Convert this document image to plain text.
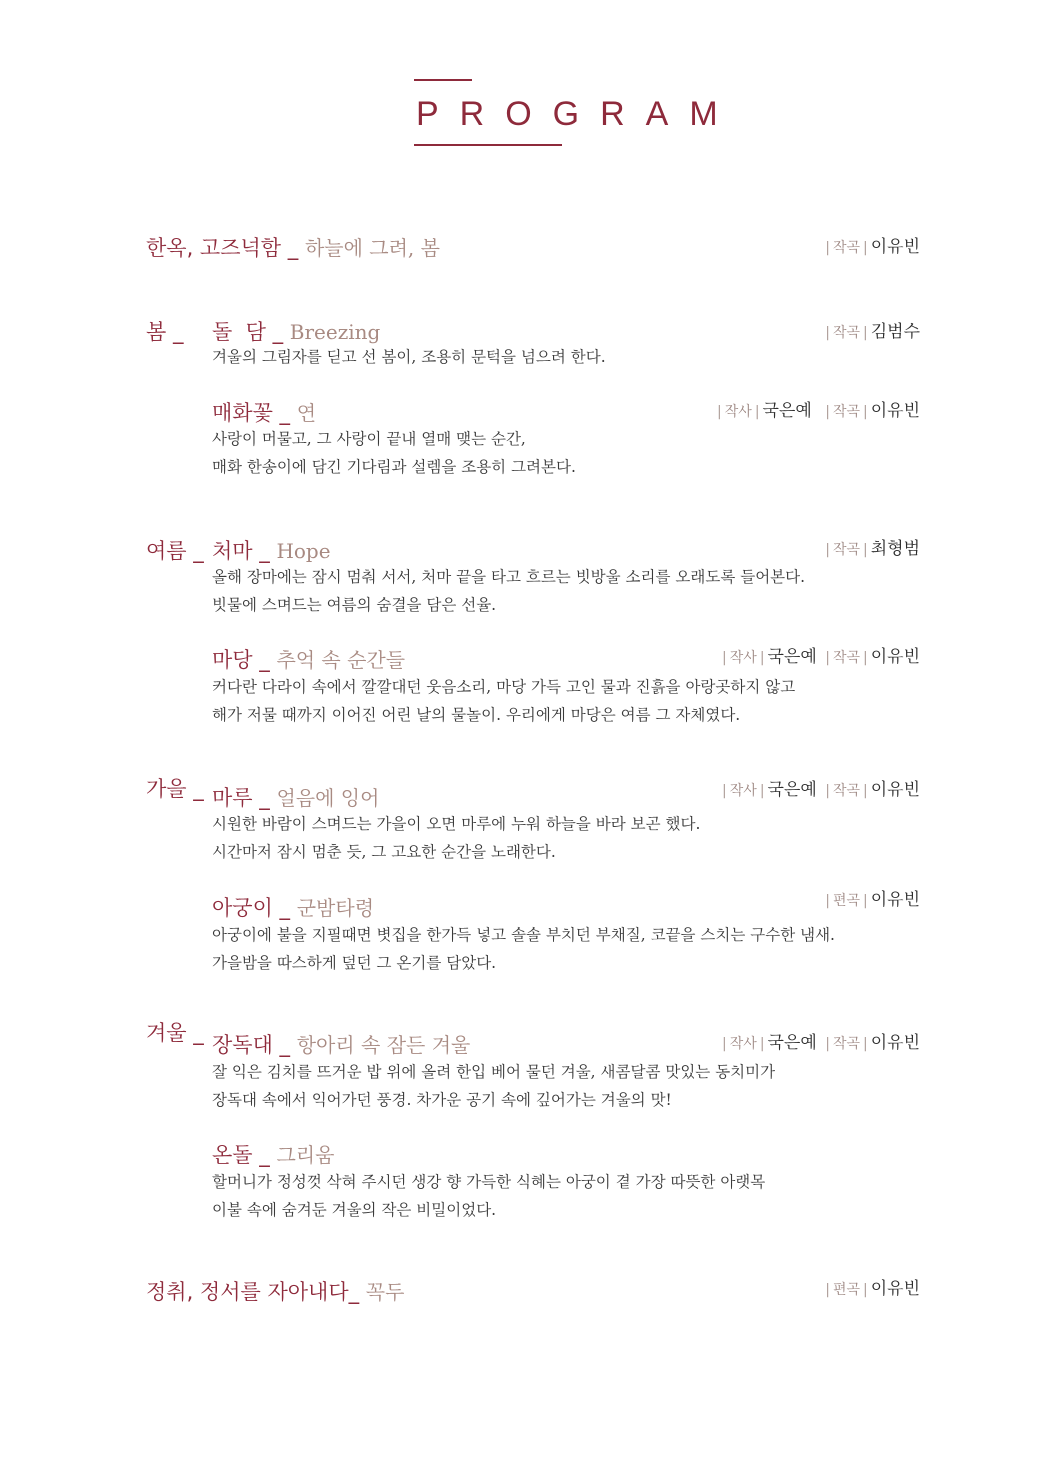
PROGRAM
한옥, 고즈넉함 _ 하늘에 그려, 봄	| 작곡 | 이유빈
봄 _ 돌  담 _ Breezing	| 작곡 | 김범수
겨울의 그림자를 딛고 선 봄이, 조용히 문턱을 넘으려 한다.
매화꽃 _ 연	| 작사 | 국은예 | 작곡 | 이유빈
사랑이 머물고, 그 사랑이 끝내 열매 맺는 순간,
매화 한송이에 담긴 기다림과 설렘을 조용히 그려본다.
여름 _ 처마 _ Hope	| 작곡 | 최형범
올해 장마에는 잠시 멈춰 서서, 처마 끝을 타고 흐르는 빗방울 소리를 오래도록 들어본다.
빗물에 스며드는 여름의 숨결을 담은 선율.
마당 _ 추억 속 순간들	| 작사 | 국은예 | 작곡 | 이유빈
커다란 다라이 속에서 깔깔대던 웃음소리, 마당 가득 고인 물과 진흙을 아랑곳하지 않고
해가 저물 때까지 이어진 어린 날의 물놀이. 우리에게 마당은 여름 그 자체였다.
가을 _ 마루 _ 얼음에 잉어	| 작사 | 국은예 | 작곡 | 이유빈
시원한 바람이 스며드는 가을이 오면 마루에 누워 하늘을 바라 보곤 했다.
시간마저 잠시 멈춘 듯, 그 고요한 순간을 노래한다.
아궁이 _ 군밤타령	| 편곡 | 이유빈
아궁이에 불을 지필때면 볏집을 한가득 넣고 솔솔 부치던 부채질, 코끝을 스치는 구수한 냄새.
가을밤을 따스하게 덮던 그 온기를 담았다.
겨울 _ 장독대 _ 항아리 속 잠든 겨울	| 작사 | 국은예 | 작곡 | 이유빈
잘 익은 김치를 뜨거운 밥 위에 올려 한입 베어 물던 겨울, 새콤달콤 맛있는 동치미가
장독대 속에서 익어가던 풍경. 차가운 공기 속에 깊어가는 겨울의 맛!
온돌 _ 그리움
할머니가 정성껏 삭혀 주시던 생강 향 가득한 식혜는 아궁이 곁 가장 따뜻한 아랫목
이불 속에 숨겨둔 겨울의 작은 비밀이었다.
정취, 정서를 자아내다_ 꼭두	| 편곡 | 이유빈
